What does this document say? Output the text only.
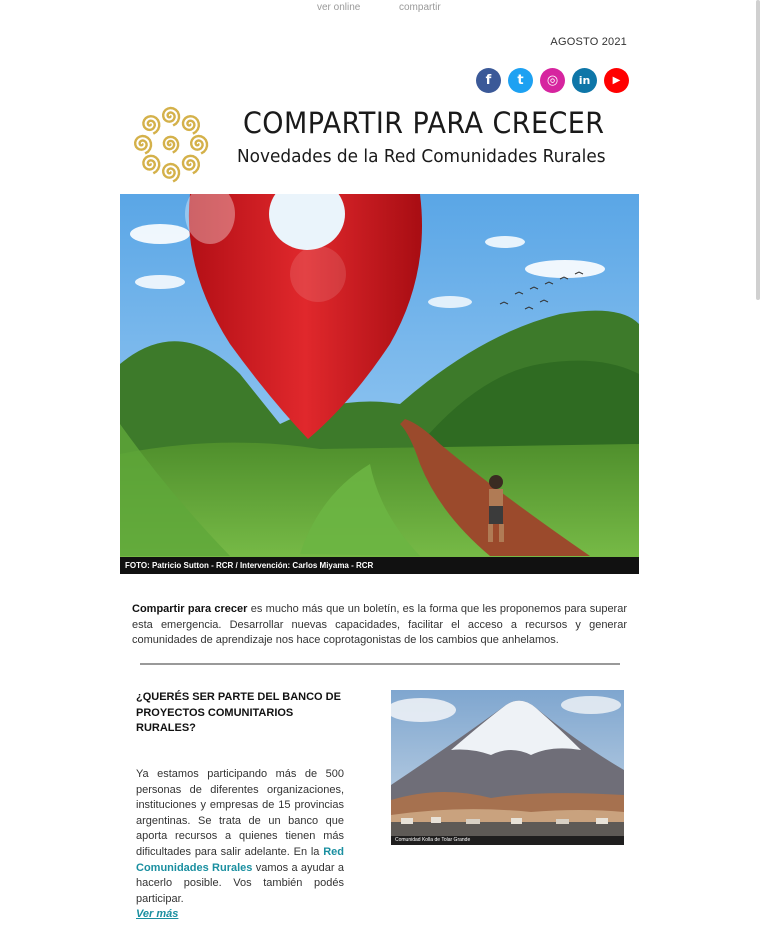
ver online	compartir
AGOSTO 2021
f	t	◎	in	▶
COMPARTIR PARA CRECER
Novedades de la Red Comunidades Rurales
FOTO: Patricio Sutton - RCR / Intervención: Carlos Miyama - RCR
Compartir para crecer es mucho más que un boletín, es la forma que les proponemos para superar esta emergencia. Desarrollar nuevas capacidades, facilitar el acceso a recursos y generar comunidades de aprendizaje nos hace coprotagonistas de los cambios que anhelamos.
¿QUERÉS SER PARTE DEL BANCO DE PROYECTOS COMUNITARIOS RURALES?
Ya estamos participando más de 500 personas de diferentes organizaciones, instituciones y empresas de 15 provincias argentinas. Se trata de un banco que aporta recursos a quienes tienen más dificultades para salir adelante. En la Red Comunidades Rurales vamos a ayudar a hacerlo posible. Vos también podés participar.
Ver más
Comunidad Kolla de Tolar Grande
